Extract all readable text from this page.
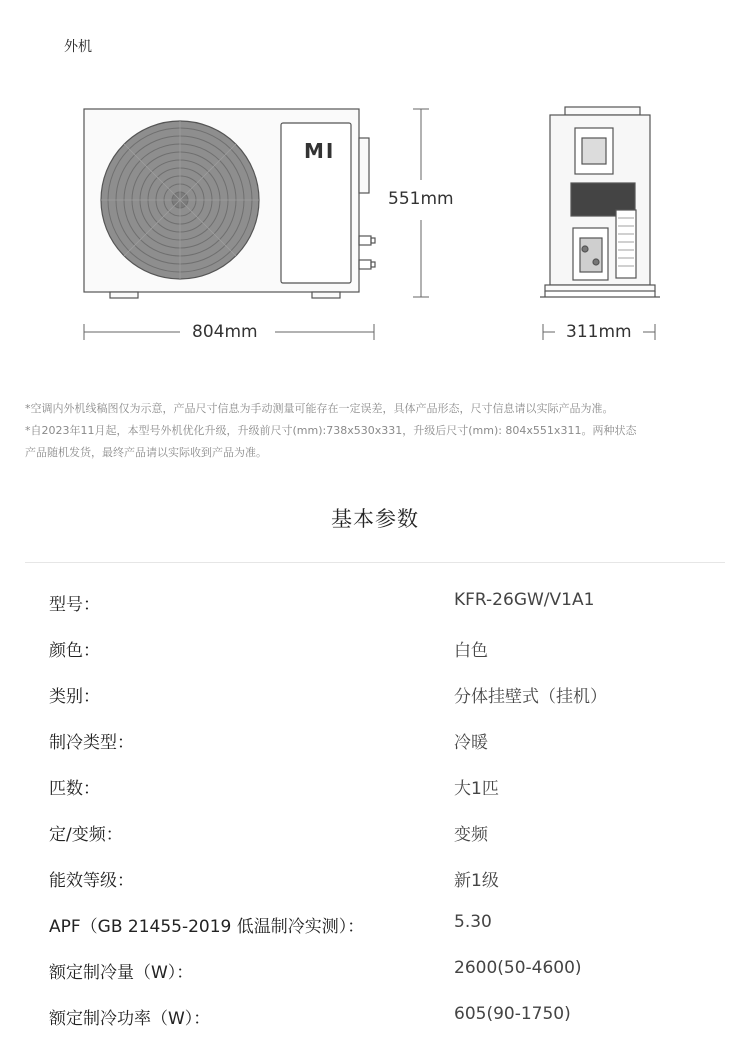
外机
MI
551mm
804mm	311mm
*空调内外机线稿图仅为示意，产品尺寸信息为手动测量可能存在一定误差，具体产品形态，尺寸信息请以实际产品为准。
*自2023年11月起，本型号外机优化升级，升级前尺寸(mm):738x530x331，升级后尺寸(mm): 804x551x311。两种状态
产品随机发货，最终产品请以实际收到产品为准。
基本参数
型号：	KFR-26GW/V1A1
颜色：	白色
类别：	分体挂壁式（挂机）
制冷类型：	冷暖
匹数：	大1匹
定/变频：	变频
能效等级：	新1级
APF（GB 21455-2019 低温制冷实测）：	5.30
额定制冷量（W）：	2600(50-4600)
额定制冷功率（W）：	605(90-1750)
